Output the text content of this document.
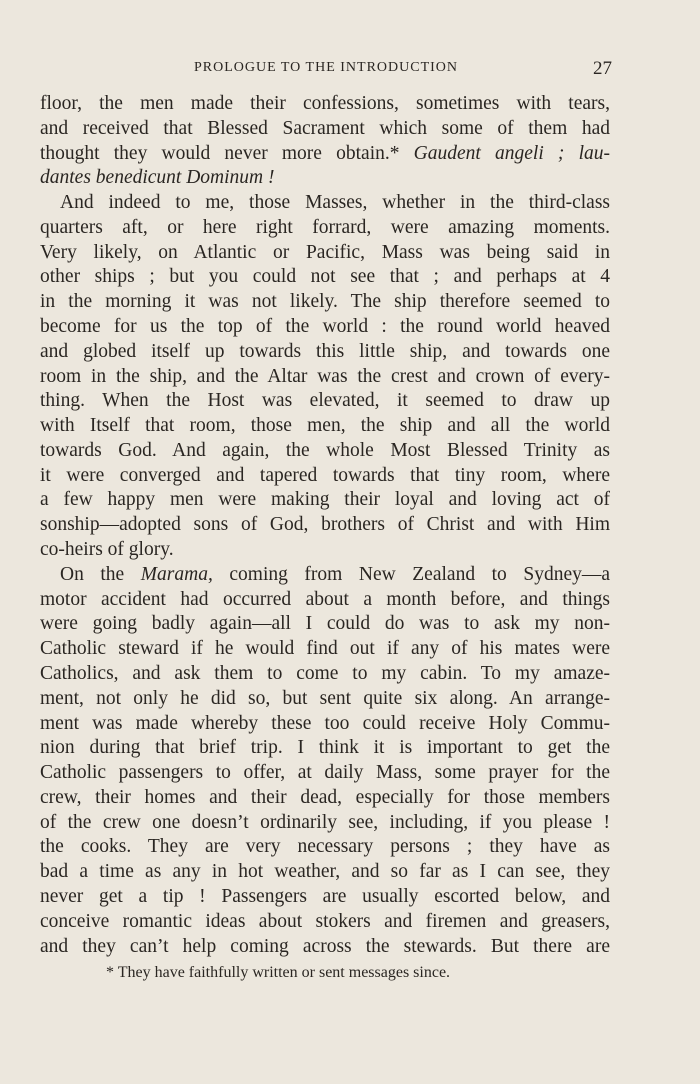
PROLOGUE TO THE INTRODUCTION	27
floor, the men made their confessions, sometimes with tears,
and received that Blessed Sacrament which some of them had
thought they would never more obtain.* Gaudent angeli ; lau-
dantes benedicunt Dominum !
And indeed to me, those Masses, whether in the third-class
quarters aft, or here right forrard, were amazing moments.
Very likely, on Atlantic or Pacific, Mass was being said in
other ships ; but you could not see that ; and perhaps at 4
in the morning it was not likely. The ship therefore seemed to
become for us the top of the world : the round world heaved
and globed itself up towards this little ship, and towards one
room in the ship, and the Altar was the crest and crown of every-
thing. When the Host was elevated, it seemed to draw up
with Itself that room, those men, the ship and all the world
towards God. And again, the whole Most Blessed Trinity as
it were converged and tapered towards that tiny room, where
a few happy men were making their loyal and loving act of
sonship—adopted sons of God, brothers of Christ and with Him
co-heirs of glory.
On the Marama, coming from New Zealand to Sydney—a
motor accident had occurred about a month before, and things
were going badly again—all I could do was to ask my non-
Catholic steward if he would find out if any of his mates were
Catholics, and ask them to come to my cabin. To my amaze-
ment, not only he did so, but sent quite six along. An arrange-
ment was made whereby these too could receive Holy Commu-
nion during that brief trip. I think it is important to get the
Catholic passengers to offer, at daily Mass, some prayer for the
crew, their homes and their dead, especially for those members
of the crew one doesn’t ordinarily see, including, if you please !
the cooks. They are very necessary persons ; they have as
bad a time as any in hot weather, and so far as I can see, they
never get a tip ! Passengers are usually escorted below, and
conceive romantic ideas about stokers and firemen and greasers,
and they can’t help coming across the stewards. But there are
* They have faithfully written or sent messages since.
